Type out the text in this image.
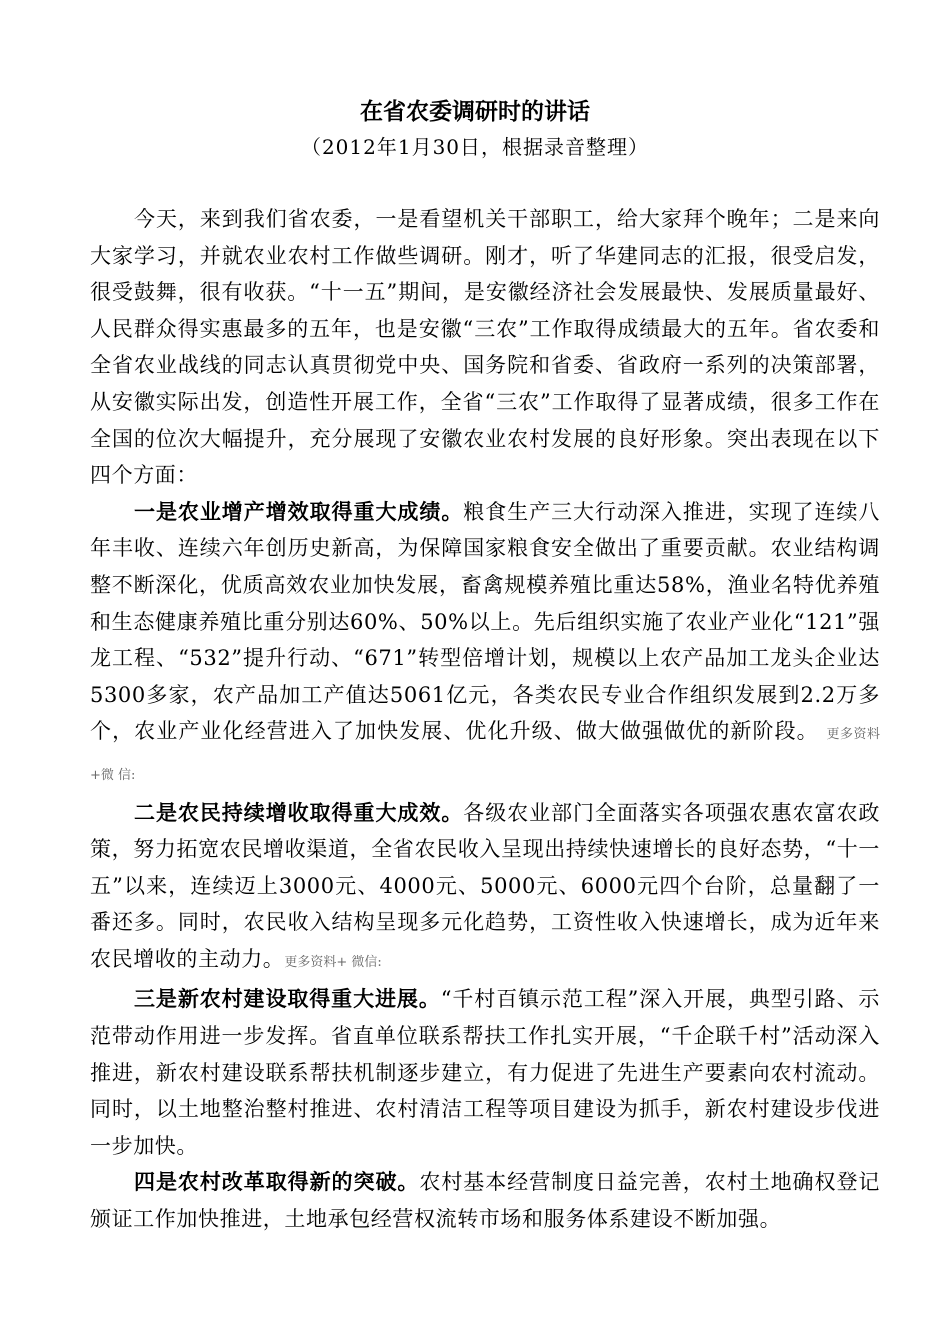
在省农委调研时的讲话
（2012年1月30日，根据录音整理）

今天，来到我们省农委，一是看望机关干部职工，给大家拜个晚年；二是来向大家学习，并就农业农村工作做些调研。刚才，听了华建同志的汇报，很受启发，很受鼓舞，很有收获。“十一五”期间，是安徽经济社会发展最快、发展质量最好、人民群众得实惠最多的五年，也是安徽“三农”工作取得成绩最大的五年。省农委和全省农业战线的同志认真贯彻党中央、国务院和省委、省政府一系列的决策部署，从安徽实际出发，创造性开展工作，全省“三农”工作取得了显著成绩，很多工作在全国的位次大幅提升，充分展现了安徽农业农村发展的良好形象。突出表现在以下四个方面：

一是农业增产增效取得重大成绩。粮食生产三大行动深入推进，实现了连续八年丰收、连续六年创历史新高，为保障国家粮食安全做出了重要贡献。农业结构调整不断深化，优质高效农业加快发展，畜禽规模养殖比重达58%，渔业名特优养殖和生态健康养殖比重分别达60%、50%以上。先后组织实施了农业产业化“121”强龙工程、“532”提升行动、“671”转型倍增计划，规模以上农产品加工龙头企业达5300多家，农产品加工产值达5061亿元，各类农民专业合作组织发展到2.2万多个，农业产业化经营进入了加快发展、优化升级、做大做强做优的新阶段。 更多资料+微 信:

二是农民持续增收取得重大成效。各级农业部门全面落实各项强农惠农富农政策，努力拓宽农民增收渠道，全省农民收入呈现出持续快速增长的良好态势，“十一五”以来，连续迈上3000元、4000元、5000元、6000元四个台阶，总量翻了一番还多。同时，农民收入结构呈现多元化趋势，工资性收入快速增长，成为近年来农民增收的主动力。更多资料+ 微信:

三是新农村建设取得重大进展。“千村百镇示范工程”深入开展，典型引路、示范带动作用进一步发挥。省直单位联系帮扶工作扎实开展，“千企联千村”活动深入推进，新农村建设联系帮扶机制逐步建立，有力促进了先进生产要素向农村流动。同时，以土地整治整村推进、农村清洁工程等项目建设为抓手，新农村建设步伐进一步加快。

四是农村改革取得新的突破。农村基本经营制度日益完善，农村土地确权登记颁证工作加快推进，土地承包经营权流转市场和服务体系建设不断加强。
